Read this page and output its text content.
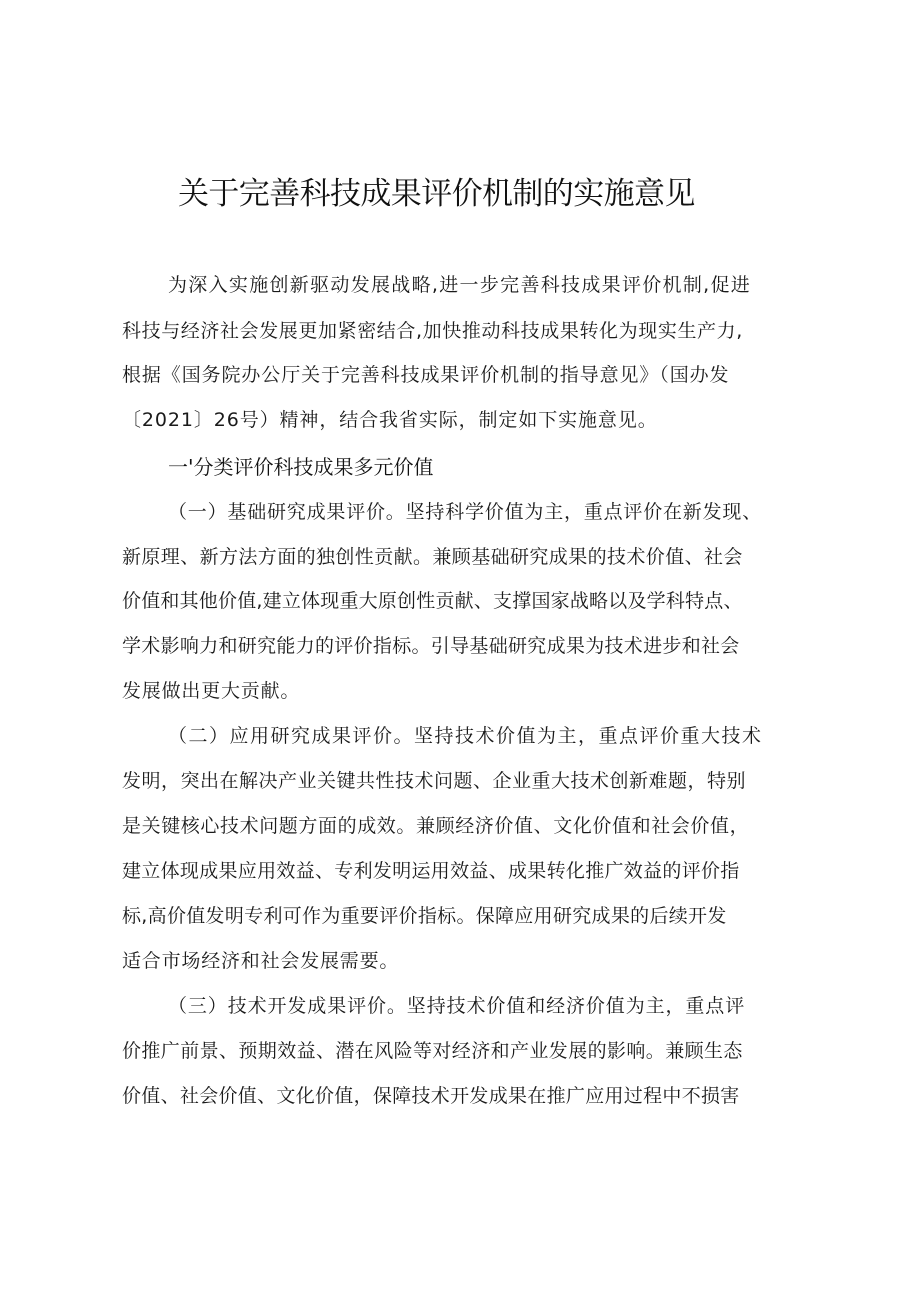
关于完善科技成果评价机制的实施意见
为深入实施创新驱动发展战略,进一步完善科技成果评价机制,促进
科技与经济社会发展更加紧密结合,加快推动科技成果转化为现实生产力,
根据《国务院办公厅关于完善科技成果评价机制的指导意见》（国办发
〔2021〕26号）精神，结合我省实际，制定如下实施意见。
一'分类评价科技成果多元价值
（一）基础研究成果评价。坚持科学价值为主，重点评价在新发现、
新原理、新方法方面的独创性贡献。兼顾基础研究成果的技术价值、社会
价值和其他价值,建立体现重大原创性贡献、支撑国家战略以及学科特点、
学术影响力和研究能力的评价指标。引导基础研究成果为技术进步和社会
发展做出更大贡献。
（二）应用研究成果评价。坚持技术价值为主，重点评价重大技术
发明，突出在解决产业关键共性技术问题、企业重大技术创新难题，特别
是关键核心技术问题方面的成效。兼顾经济价值、文化价值和社会价值，
建立体现成果应用效益、专利发明运用效益、成果转化推广效益的评价指
标,高价值发明专利可作为重要评价指标。保障应用研究成果的后续开发
适合市场经济和社会发展需要。
（三）技术开发成果评价。坚持技术价值和经济价值为主，重点评
价推广前景、预期效益、潜在风险等对经济和产业发展的影响。兼顾生态
价值、社会价值、文化价值，保障技术开发成果在推广应用过程中不损害
